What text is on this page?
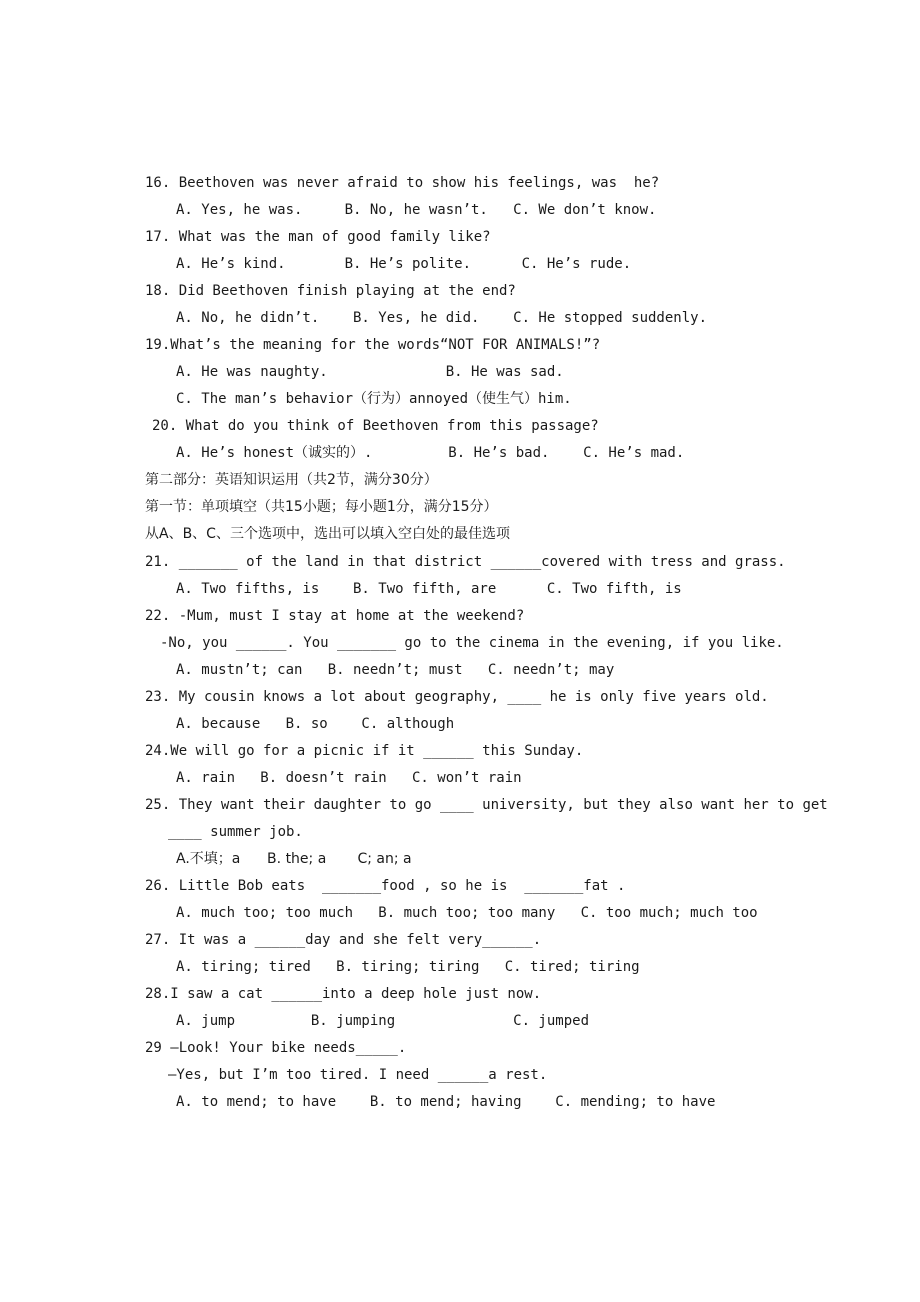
16. Beethoven was never afraid to show his feelings, was  he?
A. Yes, he was.     B. No, he wasn’t.   C. We don’t know.
17. What was the man of good family like?
A. He’s kind.       B. He’s polite.      C. He’s rude.
18. Did Beethoven finish playing at the end?
A. No, he didn’t.    B. Yes, he did.    C. He stopped suddenly.
19.What’s the meaning for the words“NOT FOR ANIMALS!”?
A. He was naughty.              B. He was sad.
C. The man’s behavior（行为）annoyed（使生气）him.
20. What do you think of Beethoven from this passage?
A. He’s honest（诚实的）.         B. He’s bad.    C. He’s mad.
第二部分：英语知识运用（共2节，满分30分）
第一节：单项填空（共15小题；每小题1分，满分15分）
从A、B、C、三个选项中，选出可以填入空白处的最佳选项
21. _______ of the land in that district ______covered with tress and grass.
A. Two fifths, is    B. Two fifth, are      C. Two fifth, is
22. -Mum, must I stay at home at the weekend?
-No, you ______. You _______ go to the cinema in the evening, if you like.
A. mustn’t; can   B. needn’t; must   C. needn’t; may
23. My cousin knows a lot about geography, ____ he is only five years old.
A. because   B. so    C. although
24.We will go for a picnic if it ______ this Sunday.
A. rain   B. doesn’t rain   C. won’t rain
25. They want their daughter to go ____ university, but they also want her to get
____ summer job.
A.不填；a      B. the; a       C; an; a
26. Little Bob eats  _______food , so he is  _______fat .
A. much too; too much   B. much too; too many   C. too much; much too
27. It was a ______day and she felt very______.
A. tiring; tired   B. tiring; tiring   C. tired; tiring
28.I saw a cat ______into a deep hole just now.
A. jump         B. jumping              C. jumped
29 —Look! Your bike needs_____.
—Yes, but I’m too tired. I need ______a rest.
A. to mend; to have    B. to mend; having    C. mending; to have
